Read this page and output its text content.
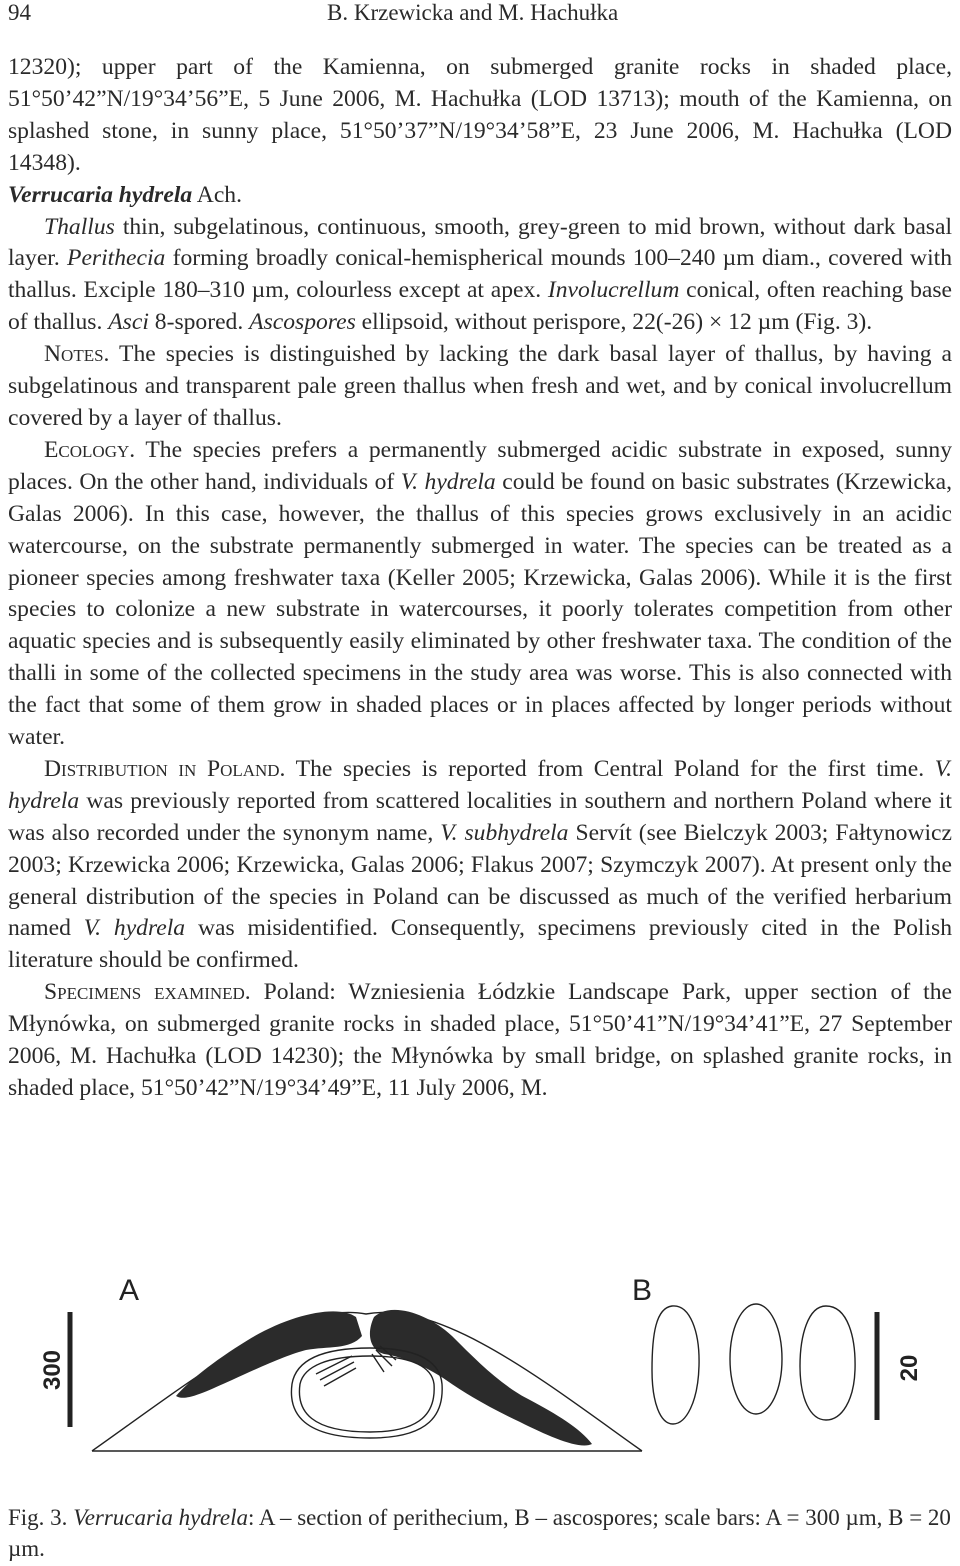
94	B. Krzewicka and M. Hachułka

12320); upper part of the Kamienna, on submerged granite rocks in shaded place, 51°50’42”N/19°34’56”E, 5 June 2006, M. Hachułka (LOD 13713); mouth of the Kamienna, on splashed stone, in sunny place, 51°50’37”N/19°34’58”E, 23 June 2006, M. Hachułka (LOD 14348).

Verrucaria hydrela Ach.

Thallus thin, subgelatinous, continuous, smooth, grey-green to mid brown, without dark basal layer. Perithecia forming broadly conical-hemispherical mounds 100–240 µm diam., covered with thallus. Exciple 180–310 µm, colourless except at apex. Involucrellum conical, often reaching base of thallus. Asci 8-spored. Ascospores ellipsoid, without perispore, 22(-26) × 12 µm (Fig. 3).

Notes. The species is distinguished by lacking the dark basal layer of thallus, by having a subgelatinous and transparent pale green thallus when fresh and wet, and by conical involucrellum covered by a layer of thallus.

Ecology. The species prefers a permanently submerged acidic substrate in exposed, sunny places. On the other hand, individuals of V. hydrela could be found on basic substrates (Krzewicka, Galas 2006). In this case, however, the thallus of this species grows exclusively in an acidic watercourse, on the substrate permanently submerged in water. The species can be treated as a pioneer species among freshwater taxa (Keller 2005; Krzewicka, Galas 2006). While it is the first species to colonize a new substrate in watercourses, it poorly tolerates competition from other aquatic species and is subsequently easily eliminated by other freshwater taxa. The condition of the thalli in some of the collected specimens in the study area was worse. This is also connected with the fact that some of them grow in shaded places or in places affected by longer periods without water.

Distribution in Poland. The species is reported from Central Poland for the first time. V. hydrela was previously reported from scattered localities in southern and northern Poland where it was also recorded under the synonym name, V. subhydrela Servít (see Bielczyk 2003; Fałtynowicz 2003; Krzewicka 2006; Krzewicka, Galas 2006; Flakus 2007; Szymczyk 2007). At present only the general distribution of the species in Poland can be discussed as much of the verified herbarium named V. hydrela was misidentified. Consequently, specimens previously cited in the Polish literature should be confirmed.

Specimens examined. Poland: Wzniesienia Łódzkie Landscape Park, upper section of the Młynówka, on submerged granite rocks in shaded place, 51°50’41”N/19°34’41”E, 27 September 2006, M. Hachułka (LOD 14230); the Młynówka by small bridge, on splashed granite rocks, in shaded place, 51°50’42”N/19°34’49”E, 11 July 2006, M.

A	B
300	20
Fig. 3. Verrucaria hydrela: A – section of perithecium, B – ascospores; scale bars: A = 300 µm, B = 20 µm.
